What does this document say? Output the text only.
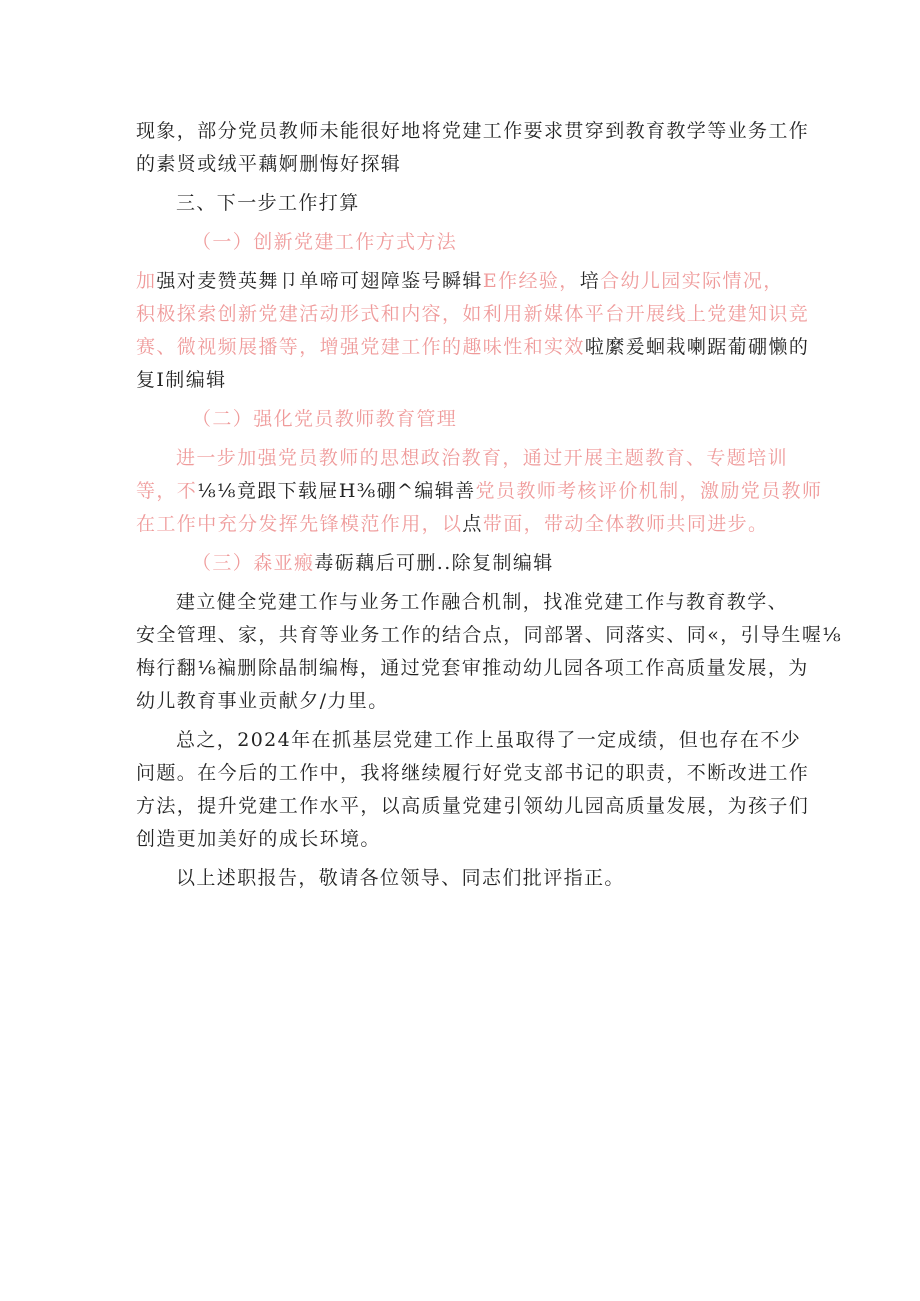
现象，部分党员教师未能很好地将党建工作要求贯穿到教育教学等业务工作
的素贤或绒平藕婀删悔好探辑

三、下一步工作打算

（一）创新党建工作方式方法

加强对麦赞英舞卩单啼可翅障鉴号瞬辑E作经验，培合幼儿园实际情况，
积极探索创新党建活动形式和内容，如利用新媒体平台开展线上党建知识竞
赛、微视频展播等，增强党建工作的趣味性和实效啦縻爰蛔栽喇踞葡硼懒的
复I制编辑

（二）强化党员教师教育管理

进一步加强党员教师的思想政治教育，通过开展主题教育、专题培训
等，不⅛⅛竟跟下载屉H⅜硼^编辑善党员教师考核评价机制，激励党员教师
在工作中充分发挥先锋模范作用，以点带面，带动全体教师共同进步。

（三）森亚瘢毒砺藕后可删..除复制编辑

建立健全党建工作与业务工作融合机制，找准党建工作与教育教学、
安全管理、家，共育等业务工作的结合点，同部署、同落实、同«，引导生喔⅛
梅行翻⅛褊删除晶制编梅，通过党套审推动幼儿园各项工作高质量发展，为
幼儿教育事业贡献夕/力里。

总之，2024年在抓基层党建工作上虽取得了一定成绩，但也存在不少
问题。在今后的工作中，我将继续履行好党支部书记的职责，不断改进工作
方法，提升党建工作水平，以高质量党建引领幼儿园高质量发展，为孩子们
创造更加美好的成长环境。

以上述职报告，敬请各位领导、同志们批评指正。
